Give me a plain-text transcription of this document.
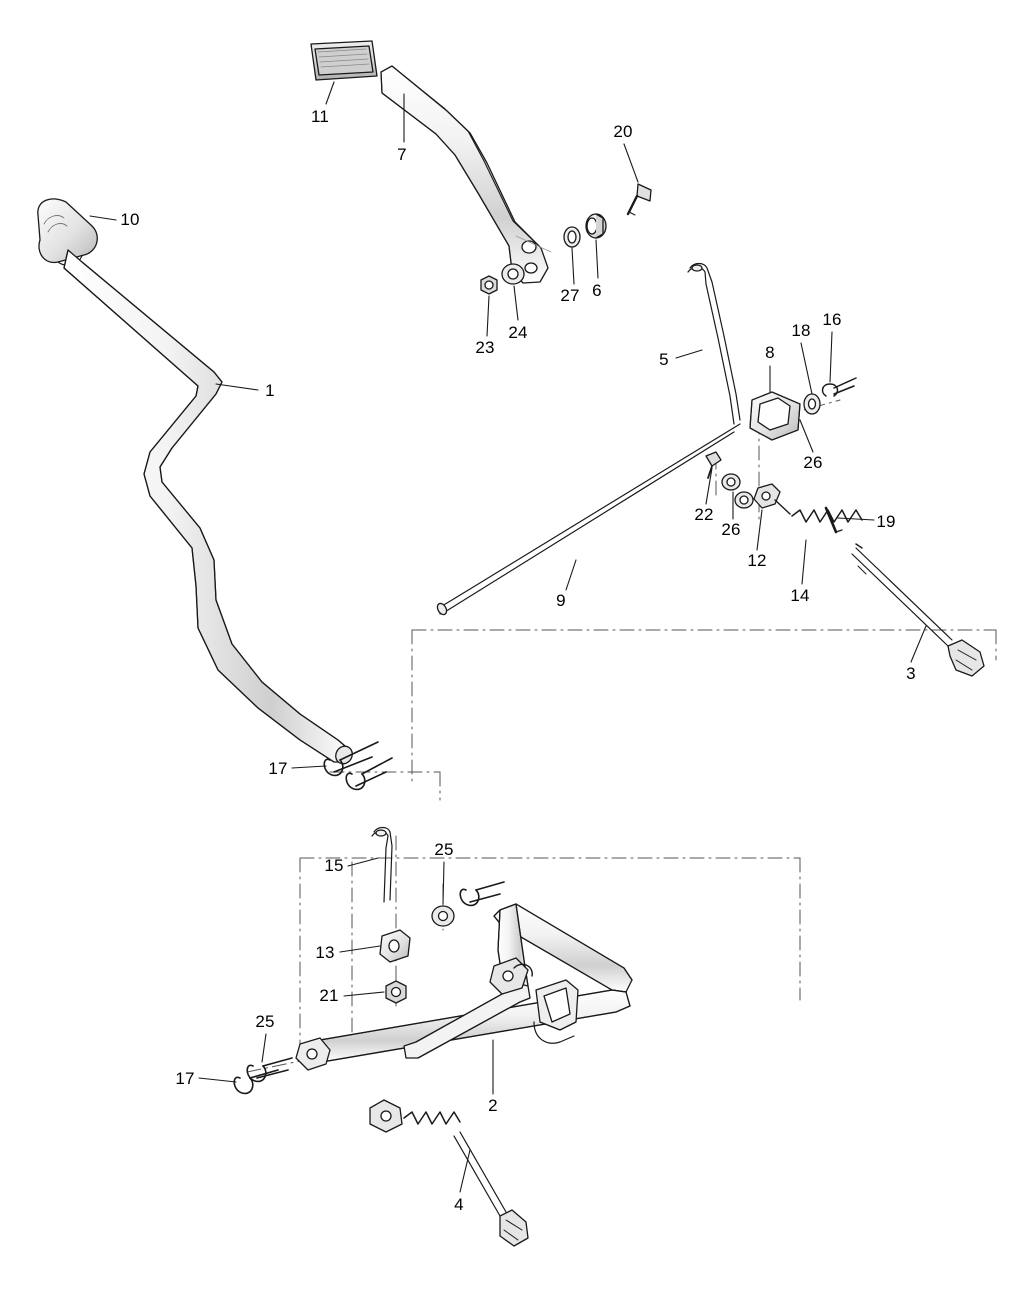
11
7
20
27 6
23
24
10
1
5	8
18
16
26
22
26
12
19
14
9
3
17
15
25
13
21
25
17
2
4
